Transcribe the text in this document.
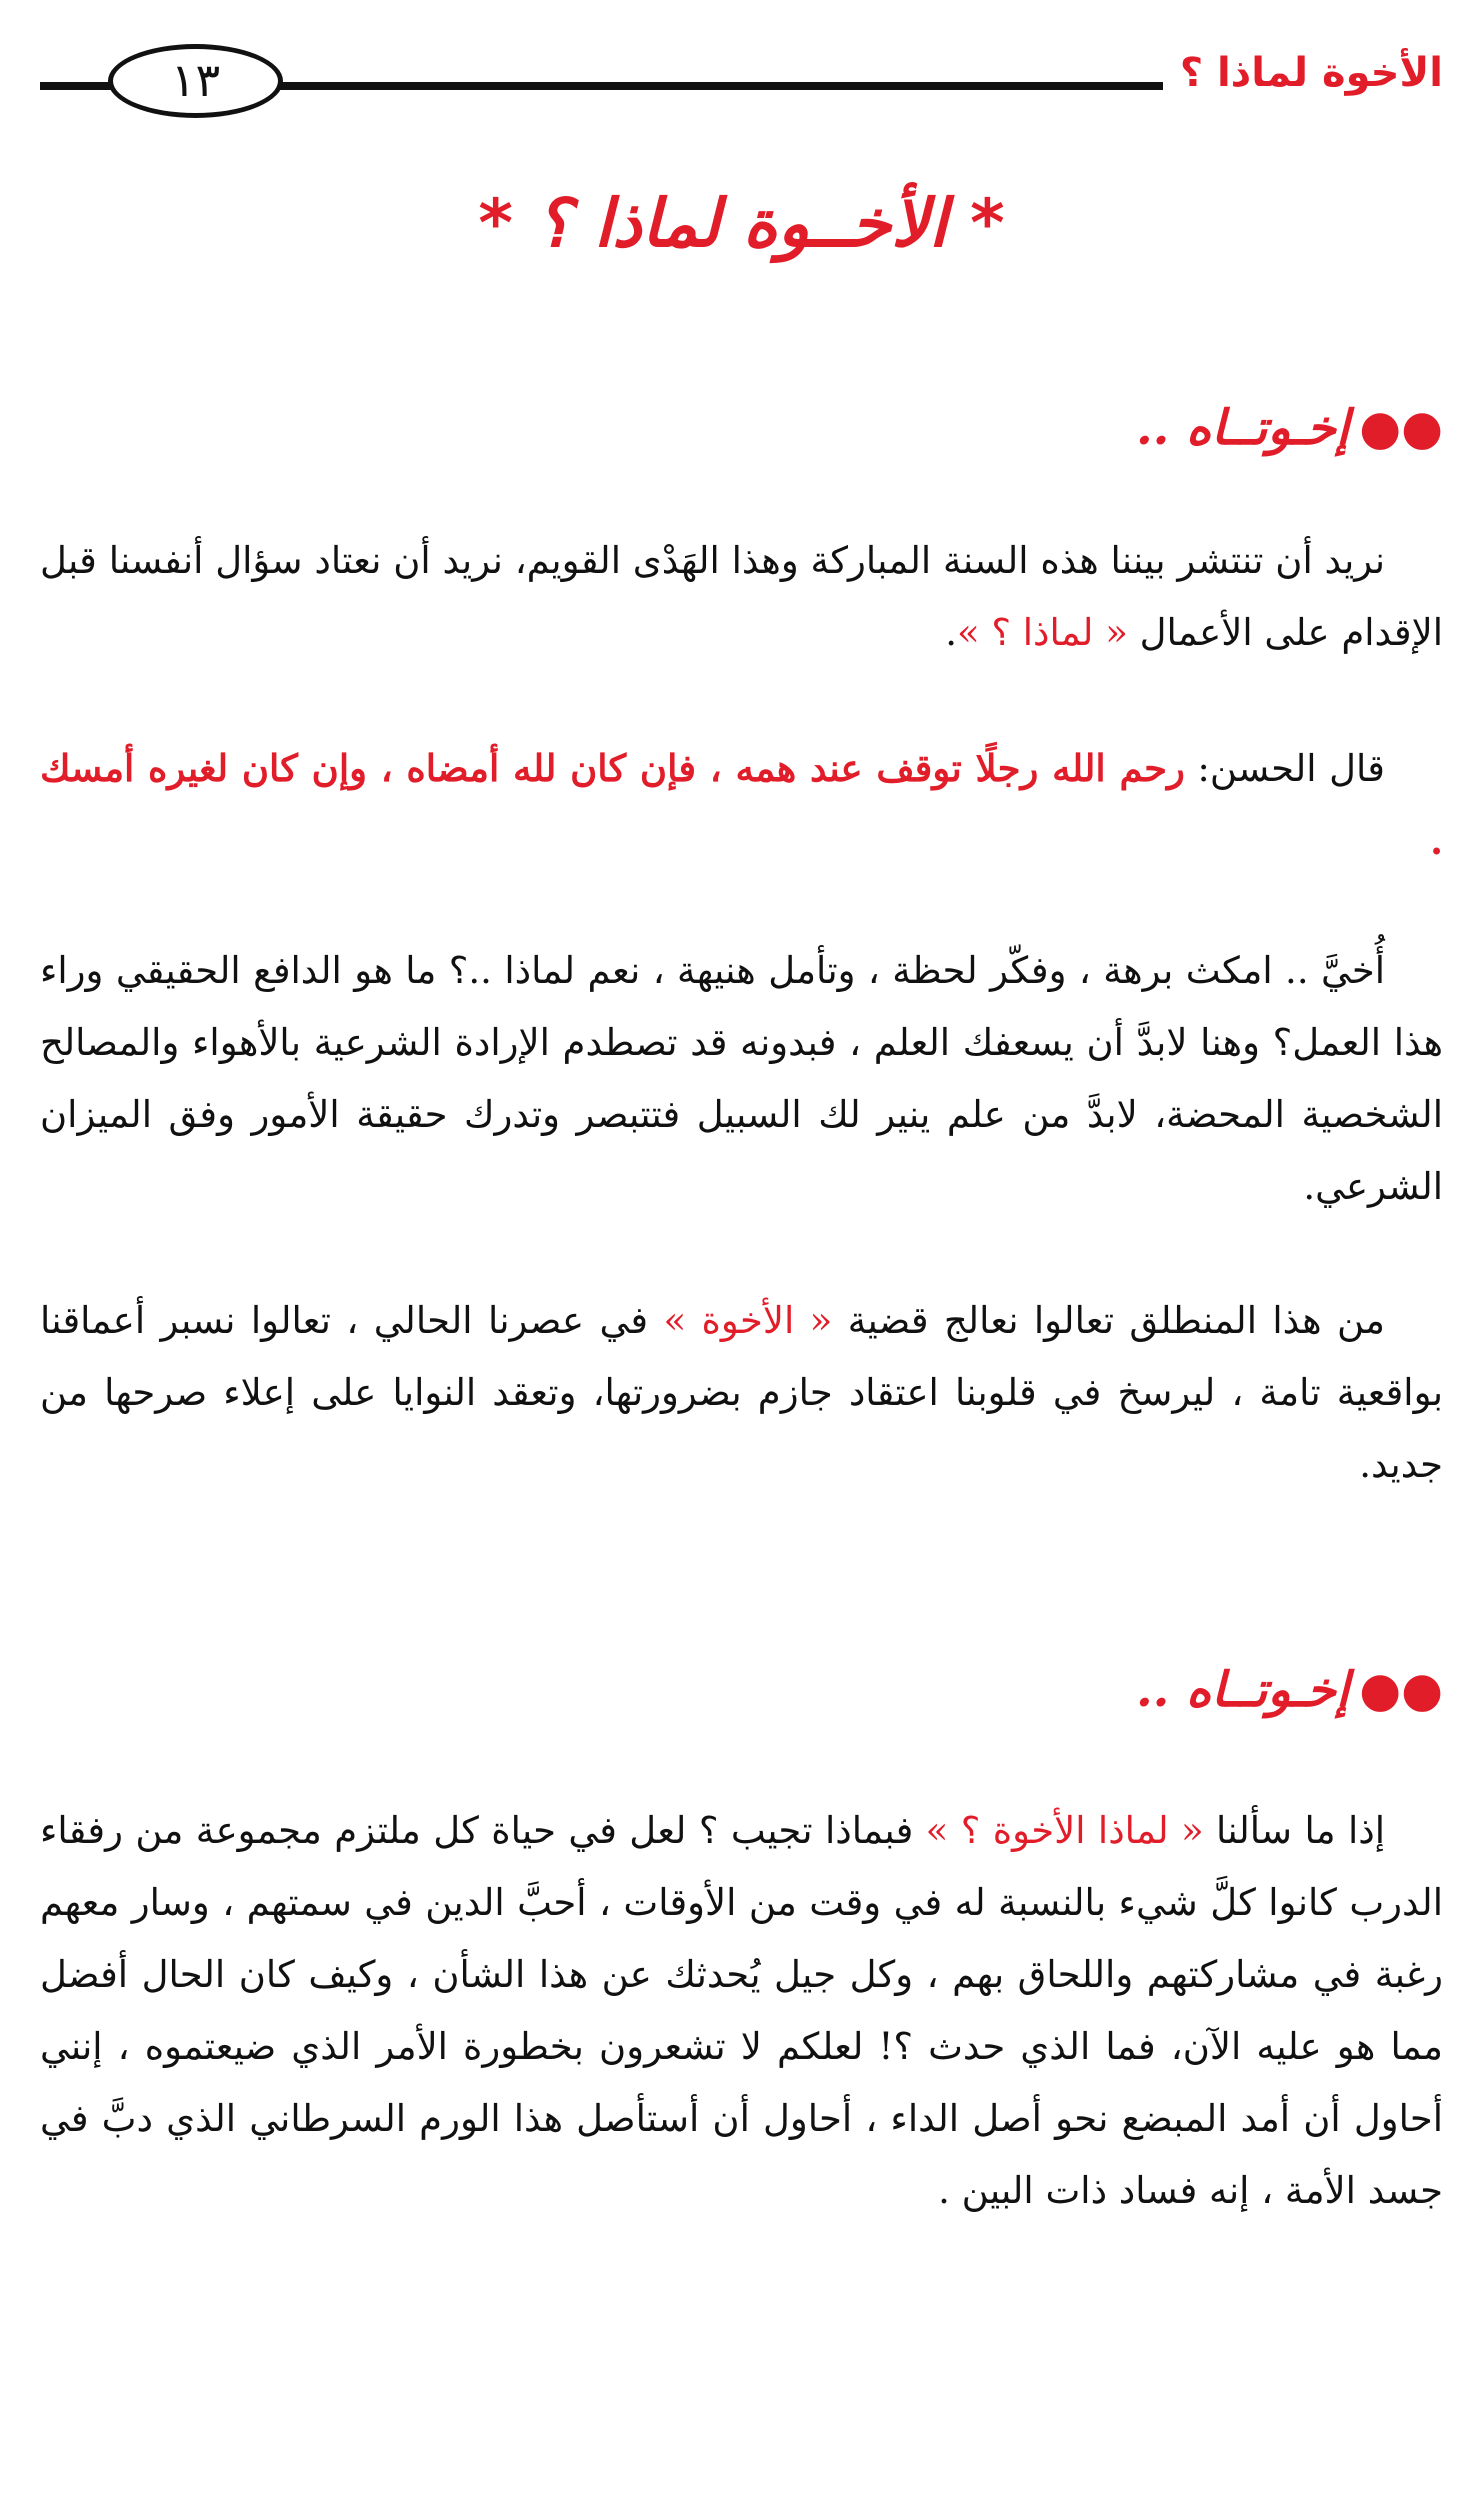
الأخوة لماذا ؟
١٣
* الأخــوة لماذا ؟ *
●●إخـوتــاه ..
نريد أن تنتشر بيننا هذه السنة المباركة وهذا الهَدْى القويم، نريد أن نعتاد سؤال أنفسنا قبل الإقدام على الأعمال « لماذا ؟ ».
قال الحسن: رحم الله رجلًا توقف عند همه ، فإن كان لله أمضاه ، وإن كان لغيره أمسك .
أُخيَّ .. امكث برهة ، وفكّر لحظة ، وتأمل هنيهة ، نعم لماذا ..؟ ما هو الدافع الحقيقي وراء هذا العمل؟ وهنا لابدَّ أن يسعفك العلم ، فبدونه قد تصطدم الإرادة الشرعية بالأهواء والمصالح الشخصية المحضة، لابدَّ من علم ينير لك السبيل فتتبصر وتدرك حقيقة الأمور وفق الميزان الشرعي.
من هذا المنطلق تعالوا نعالج قضية « الأخوة » في عصرنا الحالي ، تعالوا نسبر أعماقنا بواقعية تامة ، ليرسخ في قلوبنا اعتقاد جازم بضرورتها، وتعقد النوايا على إعلاء صرحها من جديد.
●●إخـوتــاه ..
إذا ما سألنا « لماذا الأخوة ؟ » فبماذا تجيب ؟ لعل في حياة كل ملتزم مجموعة من رفقاء الدرب كانوا كلَّ شيء بالنسبة له في وقت من الأوقات ، أحبَّ الدين في سمتهم ، وسار معهم رغبة في مشاركتهم واللحاق بهم ، وكل جيل يُحدثك عن هذا الشأن ، وكيف كان الحال أفضل مما هو عليه الآن، فما الذي حدث ؟! لعلكم لا تشعرون بخطورة الأمر الذي ضيعتموه ، إنني أحاول أن أمد المبضع نحو أصل الداء ، أحاول أن أستأصل هذا الورم السرطاني الذي دبَّ في جسد الأمة ، إنه فساد ذات البين .
